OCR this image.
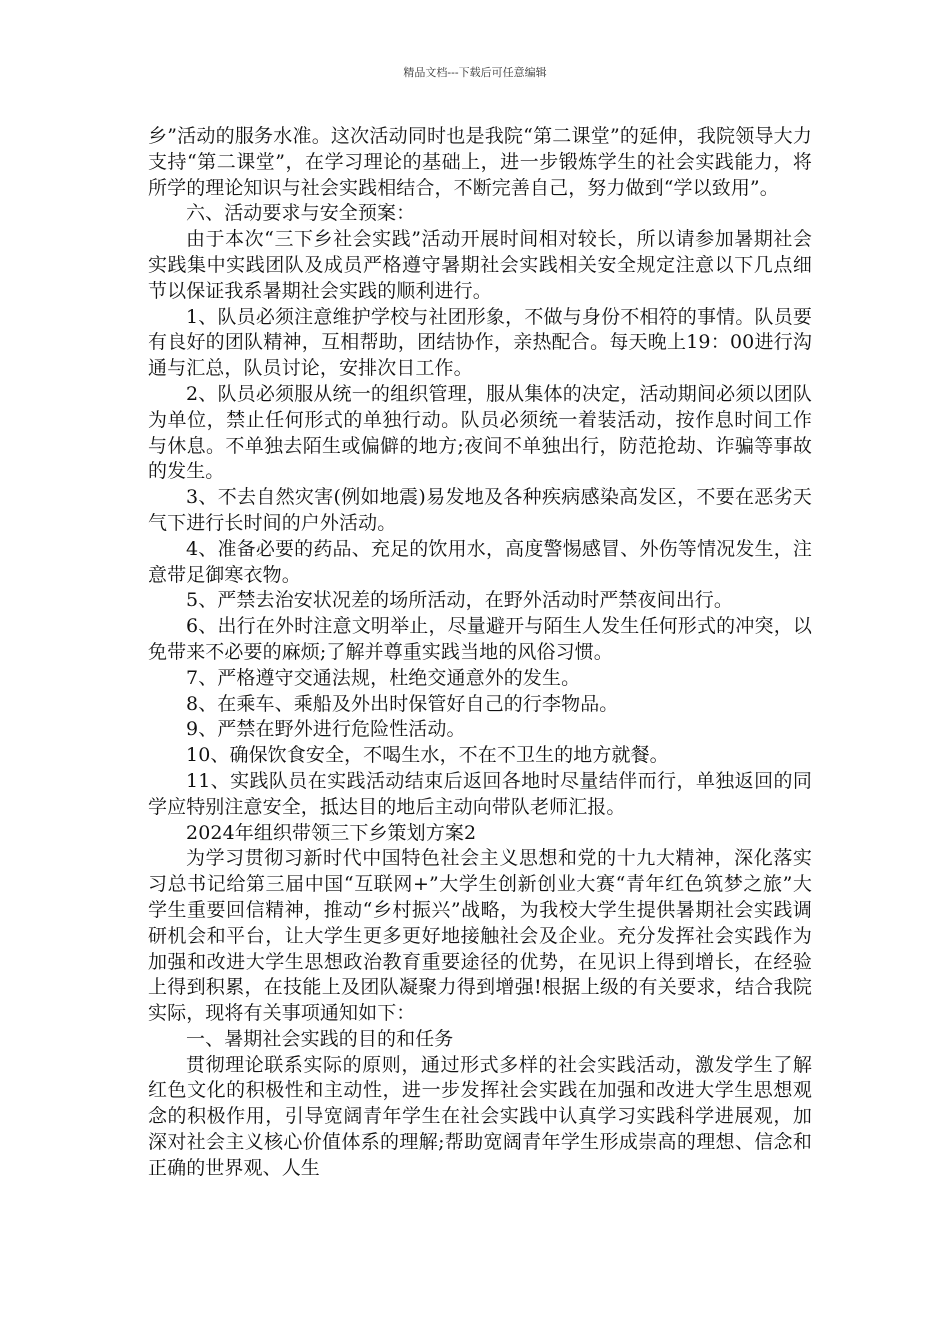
精品文档---下载后可任意编辑

乡”活动的服务水准。这次活动同时也是我院“第二课堂”的延伸，我院领导大力支持“第二课堂”，在学习理论的基础上，进一步锻炼学生的社会实践能力，将所学的理论知识与社会实践相结合，不断完善自己，努力做到“学以致用”。

六、活动要求与安全预案：

由于本次“三下乡社会实践”活动开展时间相对较长，所以请参加暑期社会实践集中实践团队及成员严格遵守暑期社会实践相关安全规定注意以下几点细节以保证我系暑期社会实践的顺利进行。

1、队员必须注意维护学校与社团形象，不做与身份不相符的事情。队员要有良好的团队精神，互相帮助，团结协作，亲热配合。每天晚上19：00进行沟通与汇总，队员讨论，安排次日工作。

2、队员必须服从统一的组织管理，服从集体的决定，活动期间必须以团队为单位，禁止任何形式的单独行动。队员必须统一着装活动，按作息时间工作与休息。不单独去陌生或偏僻的地方;夜间不单独出行，防范抢劫、诈骗等事故的发生。

3、不去自然灾害(例如地震)易发地及各种疾病感染高发区，不要在恶劣天气下进行长时间的户外活动。

4、准备必要的药品、充足的饮用水，高度警惕感冒、外伤等情况发生，注意带足御寒衣物。

5、严禁去治安状况差的场所活动，在野外活动时严禁夜间出行。

6、出行在外时注意文明举止，尽量避开与陌生人发生任何形式的冲突，以免带来不必要的麻烦;了解并尊重实践当地的风俗习惯。

7、严格遵守交通法规，杜绝交通意外的发生。

8、在乘车、乘船及外出时保管好自己的行李物品。

9、严禁在野外进行危险性活动。

10、确保饮食安全，不喝生水，不在不卫生的地方就餐。

11、实践队员在实践活动结束后返回各地时尽量结伴而行，单独返回的同学应特别注意安全，抵达目的地后主动向带队老师汇报。

2024年组织带领三下乡策划方案2

为学习贯彻习新时代中国特色社会主义思想和党的十九大精神，深化落实习总书记给第三届中国“互联网+”大学生创新创业大赛“青年红色筑梦之旅”大学生重要回信精神，推动“乡村振兴”战略，为我校大学生提供暑期社会实践调研机会和平台，让大学生更多更好地接触社会及企业。充分发挥社会实践作为加强和改进大学生思想政治教育重要途径的优势，在见识上得到增长，在经验上得到积累，在技能上及团队凝聚力得到增强!根据上级的有关要求，结合我院实际，现将有关事项通知如下：

一、暑期社会实践的目的和任务

贯彻理论联系实际的原则，通过形式多样的社会实践活动，激发学生了解红色文化的积极性和主动性，进一步发挥社会实践在加强和改进大学生思想观念的积极作用，引导宽阔青年学生在社会实践中认真学习实践科学进展观，加深对社会主义核心价值体系的理解;帮助宽阔青年学生形成崇高的理想、信念和正确的世界观、人生
